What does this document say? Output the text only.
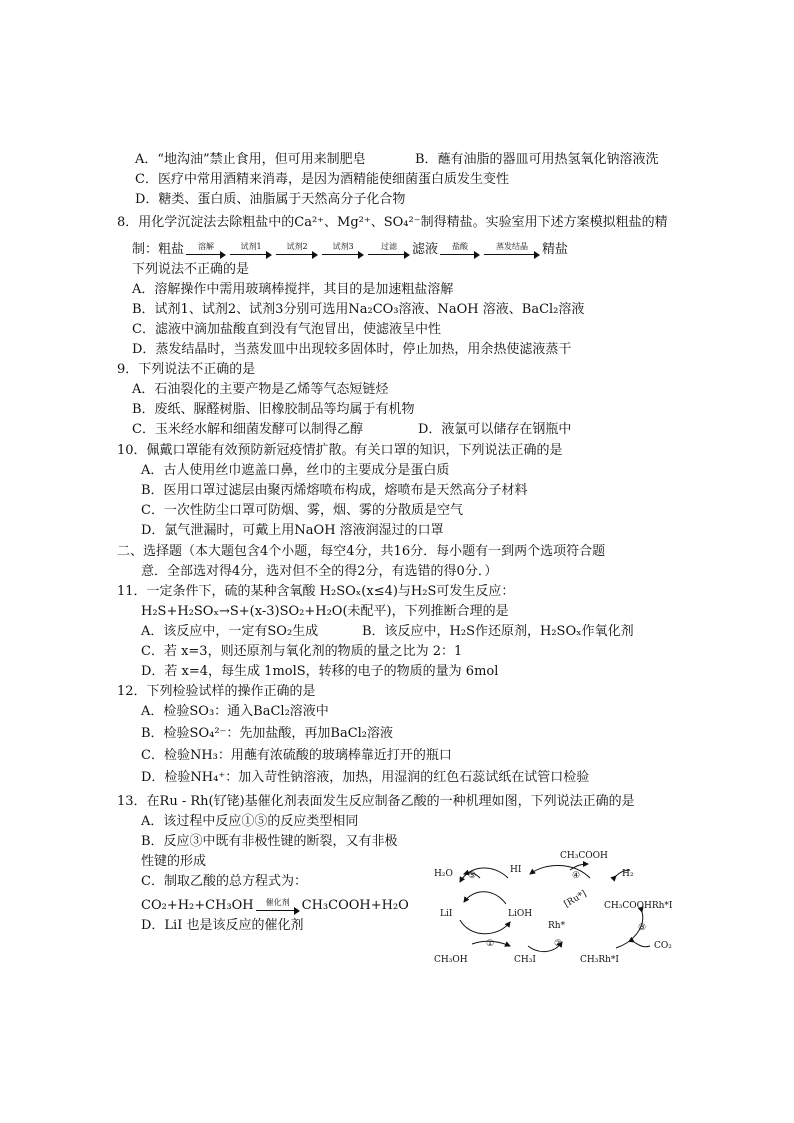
A．“地沟油”禁止食用，但可用来制肥皂	B．蘸有油脂的器皿可用热氢氧化钠溶液洗
C．医疗中常用酒精来消毒，是因为酒精能使细菌蛋白质发生变性
D．糖类、蛋白质、油脂属于天然高分子化合物
8．用化学沉淀法去除粗盐中的Ca²⁺、Mg²⁺、SO₄²⁻制得精盐。实验室用下述方案模拟粗盐的精
制：粗盐 溶解	试剂1	试剂2	试剂3	过滤 滤液 盐酸	蒸发结晶 精盐
下列说法不正确的是
A．溶解操作中需用玻璃棒搅拌，其目的是加速粗盐溶解
B．试剂1、试剂2、试剂3分别可选用Na₂CO₃溶液、NaOH 溶液、BaCl₂溶液
C．滤液中滴加盐酸直到没有气泡冒出，使滤液呈中性
D．蒸发结晶时，当蒸发皿中出现较多固体时，停止加热，用余热使滤液蒸干
9．下列说法不正确的是
A．石油裂化的主要产物是乙烯等气态短链烃
B．废纸、脲醛树脂、旧橡胶制品等均属于有机物
C．玉米经水解和细菌发酵可以制得乙醇	D．液氯可以储存在钢瓶中
10．佩戴口罩能有效预防新冠疫情扩散。有关口罩的知识，下列说法正确的是
A．古人使用丝巾遮盖口鼻，丝巾的主要成分是蛋白质
B．医用口罩过滤层由聚丙烯熔喷布构成，熔喷布是天然高分子材料
C．一次性防尘口罩可防烟、雾，烟、雾的分散质是空气
D．氯气泄漏时，可戴上用NaOH 溶液润湿过的口罩
二、选择题（本大题包含4个小题，每空4分，共16分．每小题有一到两个选项符合题
意．全部选对得4分，选对但不全的得2分，有选错的得0分．）
11．一定条件下，硫的某种含氧酸 H₂SOₓ(x≤4)与H₂S可发生反应：
H₂S+H₂SOₓ→S+(x-3)SO₂+H₂O(未配平)，下列推断合理的是
A．该反应中，一定有SO₂生成	B．该反应中，H₂S作还原剂，H₂SOₓ作氧化剂
C．若 x=3，则还原剂与氧化剂的物质的量之比为 2：1
D．若 x=4，每生成 1molS，转移的电子的物质的量为 6mol
12．下列检验试样的操作正确的是
A．检验SO₃：通入BaCl₂溶液中
B．检验SO₄²⁻：先加盐酸，再加BaCl₂溶液
C．检验NH₃：用蘸有浓硫酸的玻璃棒靠近打开的瓶口
D．检验NH₄⁺：加入苛性钠溶液，加热，用湿润的红色石蕊试纸在试管口检验
13．在Ru - Rh(钌铑)基催化剂表面发生反应制备乙酸的一种机理如图，下列说法正确的是
A．该过程中反应①⑤的反应类型相同
B．反应③中既有非极性键的断裂，又有非极
性键的形成
C．制取乙酸的总方程式为：
CO₂+H₂+CH₃OH 催化剂 CH₃COOH+H₂O
D．LiI 也是该反应的催化剂
H₂O ⑤
HI
CH₃COOH
H₂
④
[Ru*]
LiI	LiOH
Rh*
CH₃COOHRh*I
①	②
③
CO₂
CH₃OH	CH₃I	CH₃Rh*I
